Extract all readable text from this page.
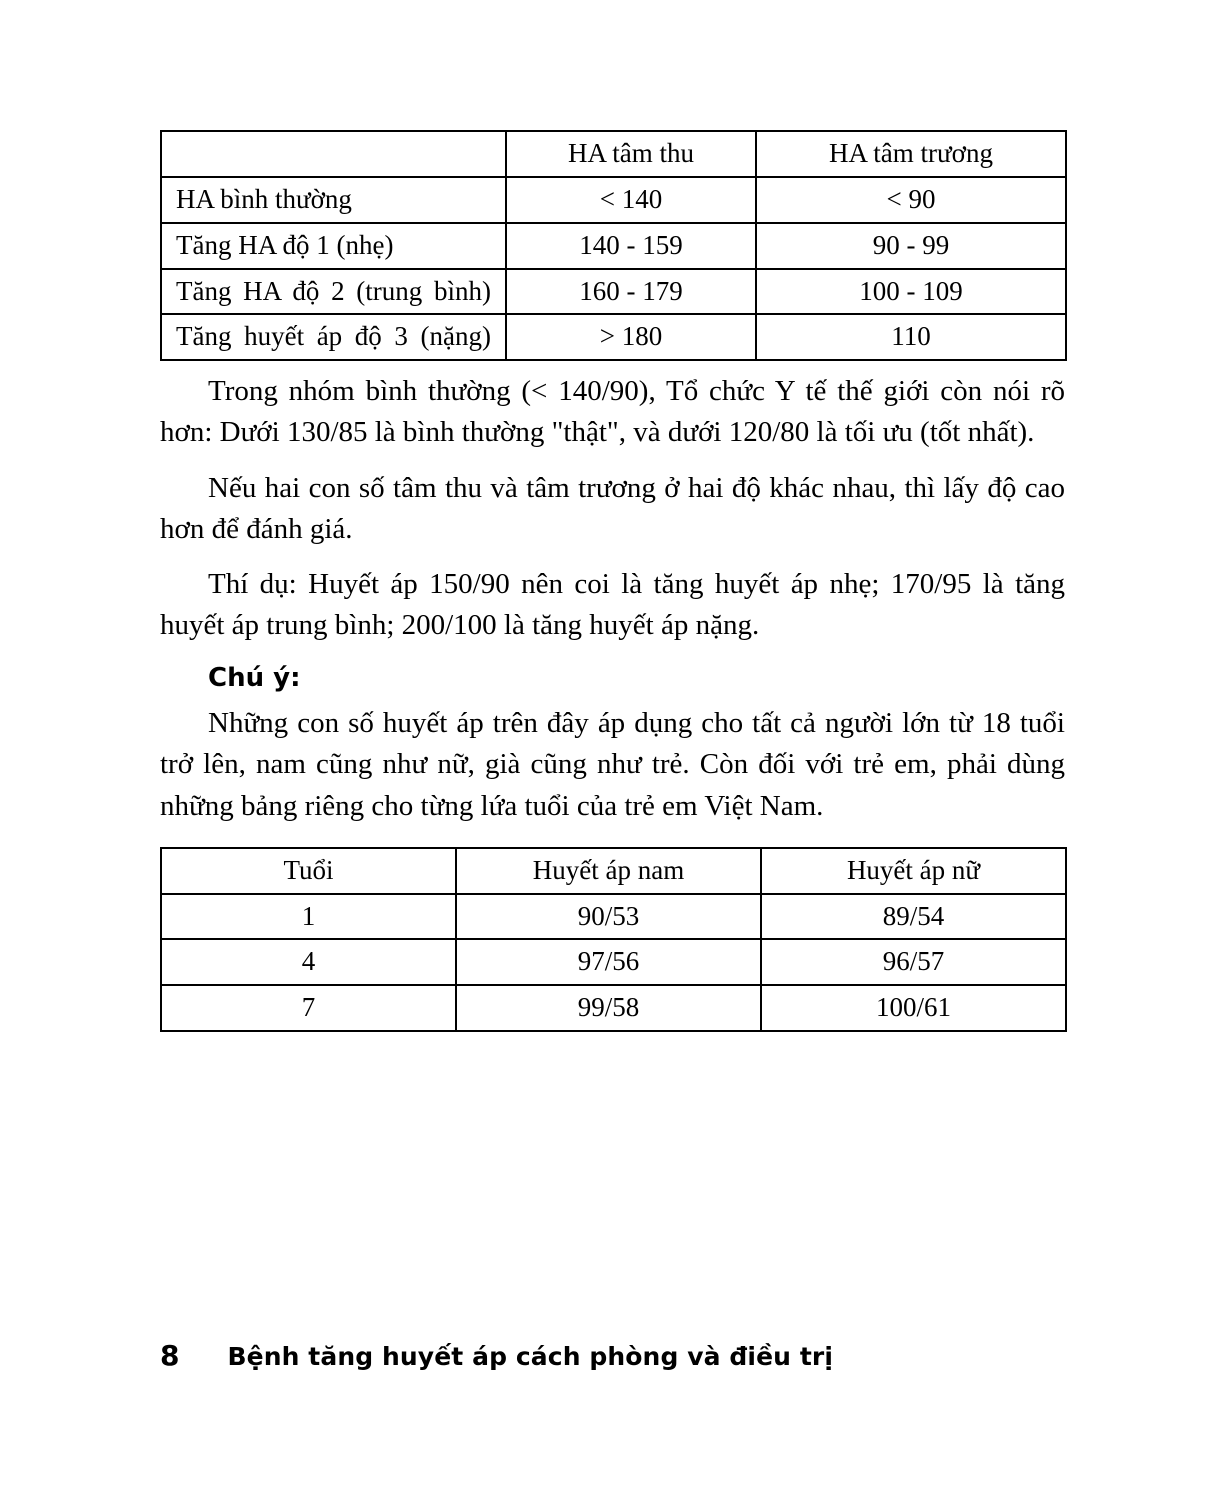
	HA tâm thu	HA tâm trương
HA bình thường	< 140	< 90
Tăng HA độ 1 (nhẹ)	140 - 159	90 - 99
Tăng HA độ 2 (trung bình)	160 - 179	100 - 109
Tăng huyết áp độ 3 (nặng)	> 180	110

Trong nhóm bình thường (< 140/90), Tổ chức Y tế thế giới còn nói rõ hơn: Dưới 130/85 là bình thường "thật", và dưới 120/80 là tối ưu (tốt nhất).

Nếu hai con số tâm thu và tâm trương ở hai độ khác nhau, thì lấy độ cao hơn để đánh giá.

Thí dụ: Huyết áp 150/90 nên coi là tăng huyết áp nhẹ; 170/95 là tăng huyết áp trung bình; 200/100 là tăng huyết áp nặng.

Chú ý:

Những con số huyết áp trên đây áp dụng cho tất cả người lớn từ 18 tuổi trở lên, nam cũng như nữ, già cũng như trẻ. Còn đối với trẻ em, phải dùng những bảng riêng cho từng lứa tuổi của trẻ em Việt Nam.

Tuổi	Huyết áp nam	Huyết áp nữ
1	90/53	89/54
4	97/56	96/57
7	99/58	100/61
8 Bệnh tăng huyết áp cách phòng và điều trị
